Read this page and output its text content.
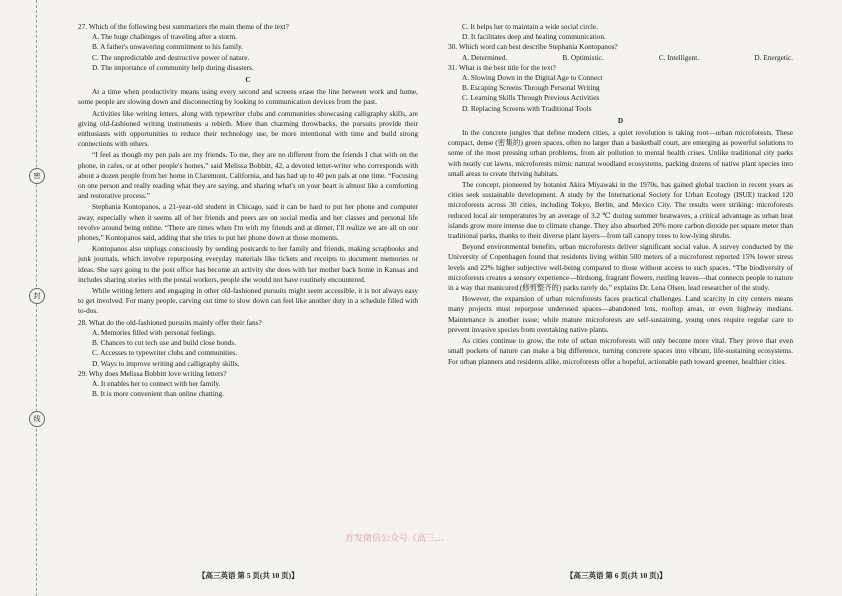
密
封
线

27. Which of the following best summarizes the main theme of the text?

A. The huge challenges of traveling after a storm.

B. A father's unwavering commitment to his family.

C. The unpredictable and destructive power of nature.

D. The importance of community help during disasters.

C

At a time when productivity means using every second and screens erase the line between work and home, some people are slowing down and disconnecting by looking to communication devices from the past.

Activities like writing letters, along with typewriter clubs and communities showcasing calligraphy skills, are giving old-fashioned writing instruments a rebirth. More than charming throwbacks, the pursuits provide their enthusiasts with opportunities to reduce their technology use, be more intentional with time and build strong connections with others.

“I feel as though my pen pals are my friends. To me, they are no different from the friends I chat with on the phone, in cafes, or at other people's homes,” said Melissa Bobbitt, 42, a devoted letter-writer who corresponds with about a dozen people from her home in Claremont, California, and has had up to 40 pen pals at one time. “Focusing on one person and really reading what they are saying, and sharing what's on your heart is almost like a comforting and restorative process.”

Stephania Kontopanos, a 21-year-old student in Chicago, said it can be hard to put her phone and computer away, especially when it seems all of her friends and peers are on social media and her classes and personal life revolve around being online. “There are times when I'm with my friends and at dinner, I'll realize we are all on our phones,” Kontopanos said, adding that she tries to put her phone down at those moments.

Kontopanos also unplugs consciously by sending postcards to her family and friends, making scrapbooks and junk journals, which involve repurposing everyday materials like tickets and receipts to document memories or ideas. She says going to the post office has become an activity she does with her mother back home in Kansas and includes sharing stories with the postal workers, people she would not have routinely encountered.

While writing letters and engaging in other old-fashioned pursuits might seem accessible, it is not always easy to get involved. For many people, carving out time to slow down can feel like another duty in a schedule filled with to-dos.

28. What do the old-fashioned pursuits mainly offer their fans?

A. Memories filled with personal feelings.

B. Chances to cut tech use and build close bonds.

C. Accesses to typewriter clubs and communities.

D. Ways to improve writing and calligraphy skills.

29. Why does Melissa Bobbitt love writing letters?

A. It enables her to connect with her family.

B. It is more convenient than online chatting.

C. It helps her to maintain a wide social circle.

D. It facilitates deep and healing communication.

30. Which word can best describe Stephania Kontopanos?

A. Determined.	B. Optimistic.	C. Intelligent.	D. Energetic.

31. What is the best title for the text?

A. Slowing Down in the Digital Age to Connect

B. Escaping Screens Through Personal Writing

C. Learning Skills Through Previous Activities

D. Replacing Screens with Traditional Tools

D

In the concrete jungles that define modern cities, a quiet revolution is taking root—urban microforests. These compact, dense (密集的) green spaces, often no larger than a basketball court, are emerging as powerful solutions to some of the most pressing urban problems, from air pollution to mental health crises. Unlike traditional city parks with neatly cut lawns, microforests mimic natural woodland ecosystems, packing dozens of native plant species into small areas to create thriving habitats.

The concept, pioneered by botanist Akira Miyawaki in the 1970s, has gained global traction in recent years as cities seek sustainable development. A study by the International Society for Urban Ecology (ISUE) tracked 120 microforests across 30 cities, including Tokyo, Berlin, and Mexico City. The results were striking: microforests reduced local air temperatures by an average of 3.2 ℃ during summer heatwaves, a critical advantage as urban heat islands grow more intense due to climate change. They also absorbed 20% more carbon dioxide per square meter than traditional parks, thanks to their diverse plant layers—from tall canopy trees to low-lying shrubs.

Beyond environmental benefits, urban microforests deliver significant social value. A survey conducted by the University of Copenhagen found that residents living within 500 meters of a microforest reported 15% lower stress levels and 22% higher subjective well-being compared to those without access to such spaces. “The biodiversity of microforests creates a sensory experience—birdsong, fragrant flowers, rustling leaves—that connects people to nature in a way that manicured (修剪整齐的) parks rarely do,” explains Dr. Lena Olsen, lead researcher of the study.

However, the expansion of urban microforests faces practical challenges. Land scarcity in city centers means many projects must repurpose underused spaces—abandoned lots, rooftop areas, or even highway medians. Maintenance is another issue; while mature microforests are self-sustaining, young ones require regular care to prevent invasive species from overtaking native plants.

As cities continue to grow, the role of urban microforests will only become more vital. They prove that even small pockets of nature can make a big difference, turning concrete spaces into vibrant, life-sustaining ecosystems. For urban planners and residents alike, microforests offer a hopeful, actionable path toward greener, healthier cities.

首发微信公众号《高三...
【高三英语 第 5 页(共 10 页)】	【高三英语 第 6 页(共 10 页)】
